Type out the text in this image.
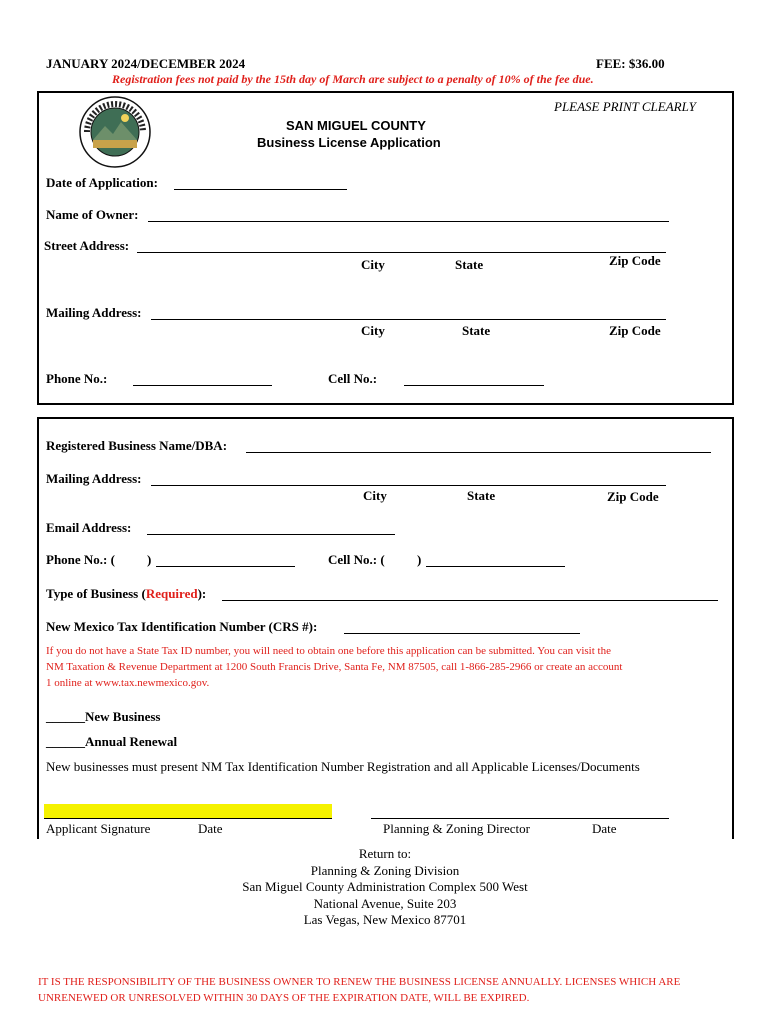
JANUARY 2024/DECEMBER 2024	FEE: $36.00
Registration fees not paid by the 15th day of March are subject to a penalty of 10% of the fee due.
PLEASE PRINT CLEARLY
SAN MIGUEL COUNTY
Business License Application
Date of Application:
Name of Owner:
Street Address:
City	State	Zip Code
Mailing Address:
City	State	Zip Code
Phone No.:	Cell No.:
Registered Business Name/DBA:
Mailing Address:
City	State	Zip Code
Email Address:
Phone No.: ( )	Cell No.: ( )
Type of Business (Required):
New Mexico Tax Identification Number (CRS #):
If you do not have a State Tax ID number, you will need to obtain one before this application can be submitted. You can visit the
NM Taxation & Revenue Department at 1200 South Francis Drive, Santa Fe, NM 87505, call 1-866-285-2966 or create an account
1 online at www.tax.newmexico.gov.
______New Business
______Annual Renewal
New businesses must present NM Tax Identification Number Registration and all Applicable Licenses/Documents
Applicant Signature	Date	Planning & Zoning Director	Date
Return to:
Planning & Zoning Division
San Miguel County Administration Complex 500 West
National Avenue, Suite 203
Las Vegas, New Mexico 87701
IT IS THE RESPONSIBILITY OF THE BUSINESS OWNER TO RENEW THE BUSINESS LICENSE ANNUALLY. LICENSES WHICH ARE
UNRENEWED OR UNRESOLVED WITHIN 30 DAYS OF THE EXPIRATION DATE, WILL BE EXPIRED.
